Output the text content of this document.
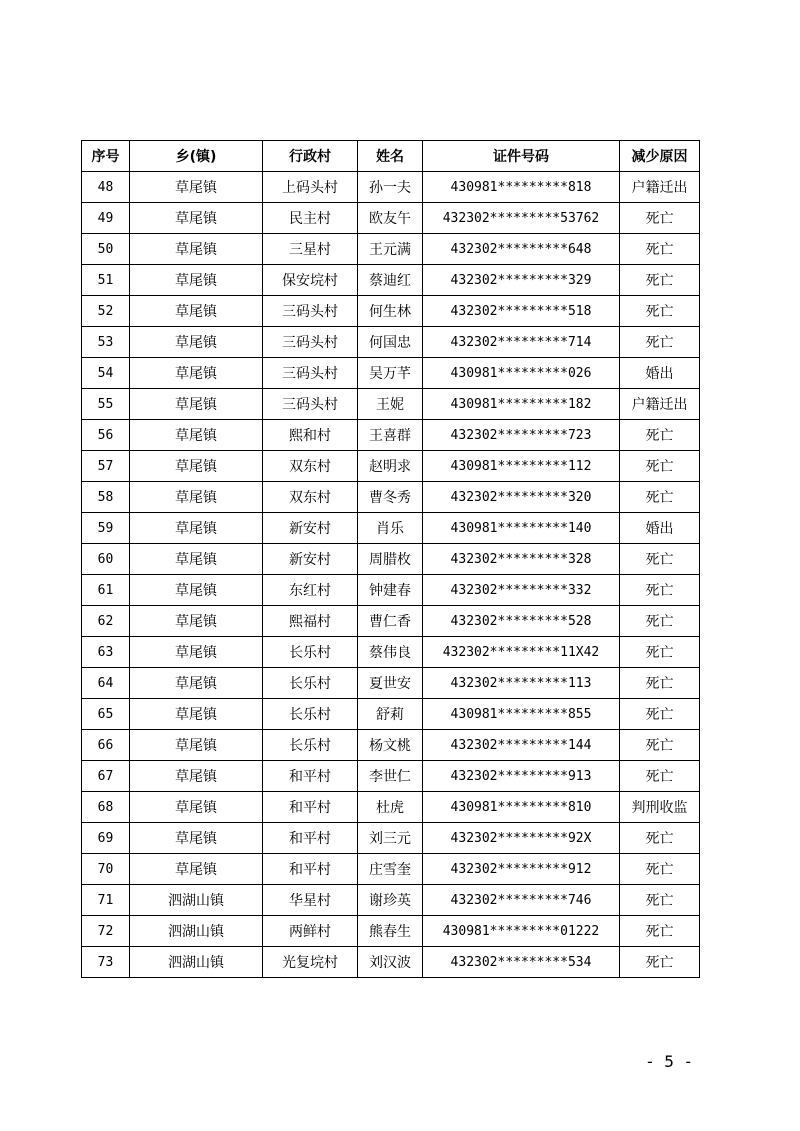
序号	乡(镇)	行政村	姓名	证件号码	减少原因
48	草尾镇	上码头村	孙一夫	430981*********818	户籍迁出
49	草尾镇	民主村	欧友午	432302*********53762	死亡
50	草尾镇	三星村	王元满	432302*********648	死亡
51	草尾镇	保安垸村	蔡迪红	432302*********329	死亡
52	草尾镇	三码头村	何生林	432302*********518	死亡
53	草尾镇	三码头村	何国忠	432302*********714	死亡
54	草尾镇	三码头村	吴万芊	430981*********026	婚出
55	草尾镇	三码头村	王妮	430981*********182	户籍迁出
56	草尾镇	熙和村	王喜群	432302*********723	死亡
57	草尾镇	双东村	赵明求	430981*********112	死亡
58	草尾镇	双东村	曹冬秀	432302*********320	死亡
59	草尾镇	新安村	肖乐	430981*********140	婚出
60	草尾镇	新安村	周腊枚	432302*********328	死亡
61	草尾镇	东红村	钟建春	432302*********332	死亡
62	草尾镇	熙福村	曹仁香	432302*********528	死亡
63	草尾镇	长乐村	蔡伟良	432302*********11X42	死亡
64	草尾镇	长乐村	夏世安	432302*********113	死亡
65	草尾镇	长乐村	舒莉	430981*********855	死亡
66	草尾镇	长乐村	杨文桃	432302*********144	死亡
67	草尾镇	和平村	李世仁	432302*********913	死亡
68	草尾镇	和平村	杜虎	430981*********810	判刑收监
69	草尾镇	和平村	刘三元	432302*********92X	死亡
70	草尾镇	和平村	庄雪奎	432302*********912	死亡
71	泗湖山镇	华星村	谢珍英	432302*********746	死亡
72	泗湖山镇	两鲜村	熊春生	430981*********01222	死亡
73	泗湖山镇	光复垸村	刘汉波	432302*********534	死亡
- 5 -
